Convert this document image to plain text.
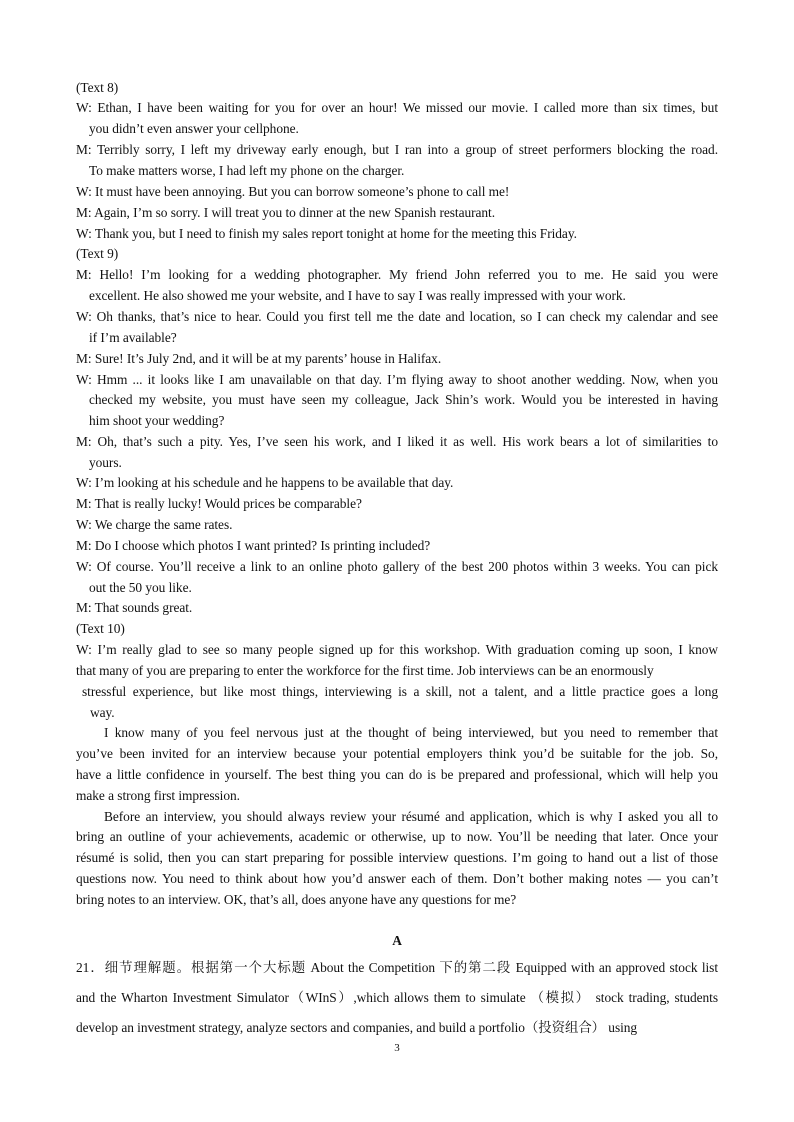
(Text 8)
W: Ethan, I have been waiting for you for over an hour! We missed our movie. I called more than six times, but
you didn’t even answer your cellphone.
M: Terribly sorry, I left my driveway early enough, but I ran into a group of street performers blocking the road.
To make matters worse, I had left my phone on the charger.
W: It must have been annoying. But you can borrow someone’s phone to call me!
M: Again, I’m so sorry. I will treat you to dinner at the new Spanish restaurant.
W: Thank you, but I need to finish my sales report tonight at home for the meeting this Friday.
(Text 9)
M: Hello! I’m looking for a wedding photographer. My friend John referred you to me. He said you were
excellent. He also showed me your website, and I have to say I was really impressed with your work.
W: Oh thanks, that’s nice to hear. Could you first tell me the date and location, so I can check my calendar and see
if I’m available?
M: Sure! It’s July 2nd, and it will be at my parents’ house in Halifax.
W: Hmm ... it looks like I am unavailable on that day. I’m flying away to shoot another wedding. Now, when you
checked my website, you must have seen my colleague, Jack Shin’s work. Would you be interested in having
him shoot your wedding?
M: Oh, that’s such a pity. Yes, I’ve seen his work, and I liked it as well. His work bears a lot of similarities to
yours.
W: I’m looking at his schedule and he happens to be available that day.
M: That is really lucky! Would prices be comparable?
W: We charge the same rates.
M: Do I choose which photos I want printed? Is printing included?
W: Of course. You’ll receive a link to an online photo gallery of the best 200 photos within 3 weeks. You can pick
out the 50 you like.
M: That sounds great.
(Text 10)
W: I’m really glad to see so many people signed up for this workshop. With graduation coming up soon, I know
that many of you are preparing to enter the workforce for the first time. Job interviews can be an enormously
stressful experience, but like most things, interviewing is a skill, not a talent, and a little practice goes a long
way.
I know many of you feel nervous just at the thought of being interviewed, but you need to remember that
you’ve been invited for an interview because your potential employers think you’d be suitable for the job. So,
have a little confidence in yourself. The best thing you can do is be prepared and professional, which will help you
make a strong first impression.
Before an interview, you should always review your résumé and application, which is why I asked you all to
bring an outline of your achievements, academic or otherwise, up to now. You’ll be needing that later. Once your
résumé is solid, then you can start preparing for possible interview questions. I’m going to hand out a list of those
questions now. You need to think about how you’d answer each of them. Don’t bother making notes — you can’t
bring notes to an interview. OK, that’s all, does anyone have any questions for me?
A
21．细节理解题。根据第一个大标题 About the Competition 下的第二段 Equipped with an approved stock list
and the Wharton Investment Simulator（WInS）,which allows them to simulate （模拟） stock trading, students
develop an investment strategy, analyze sectors and companies, and build a portfolio（投资组合） using
3
